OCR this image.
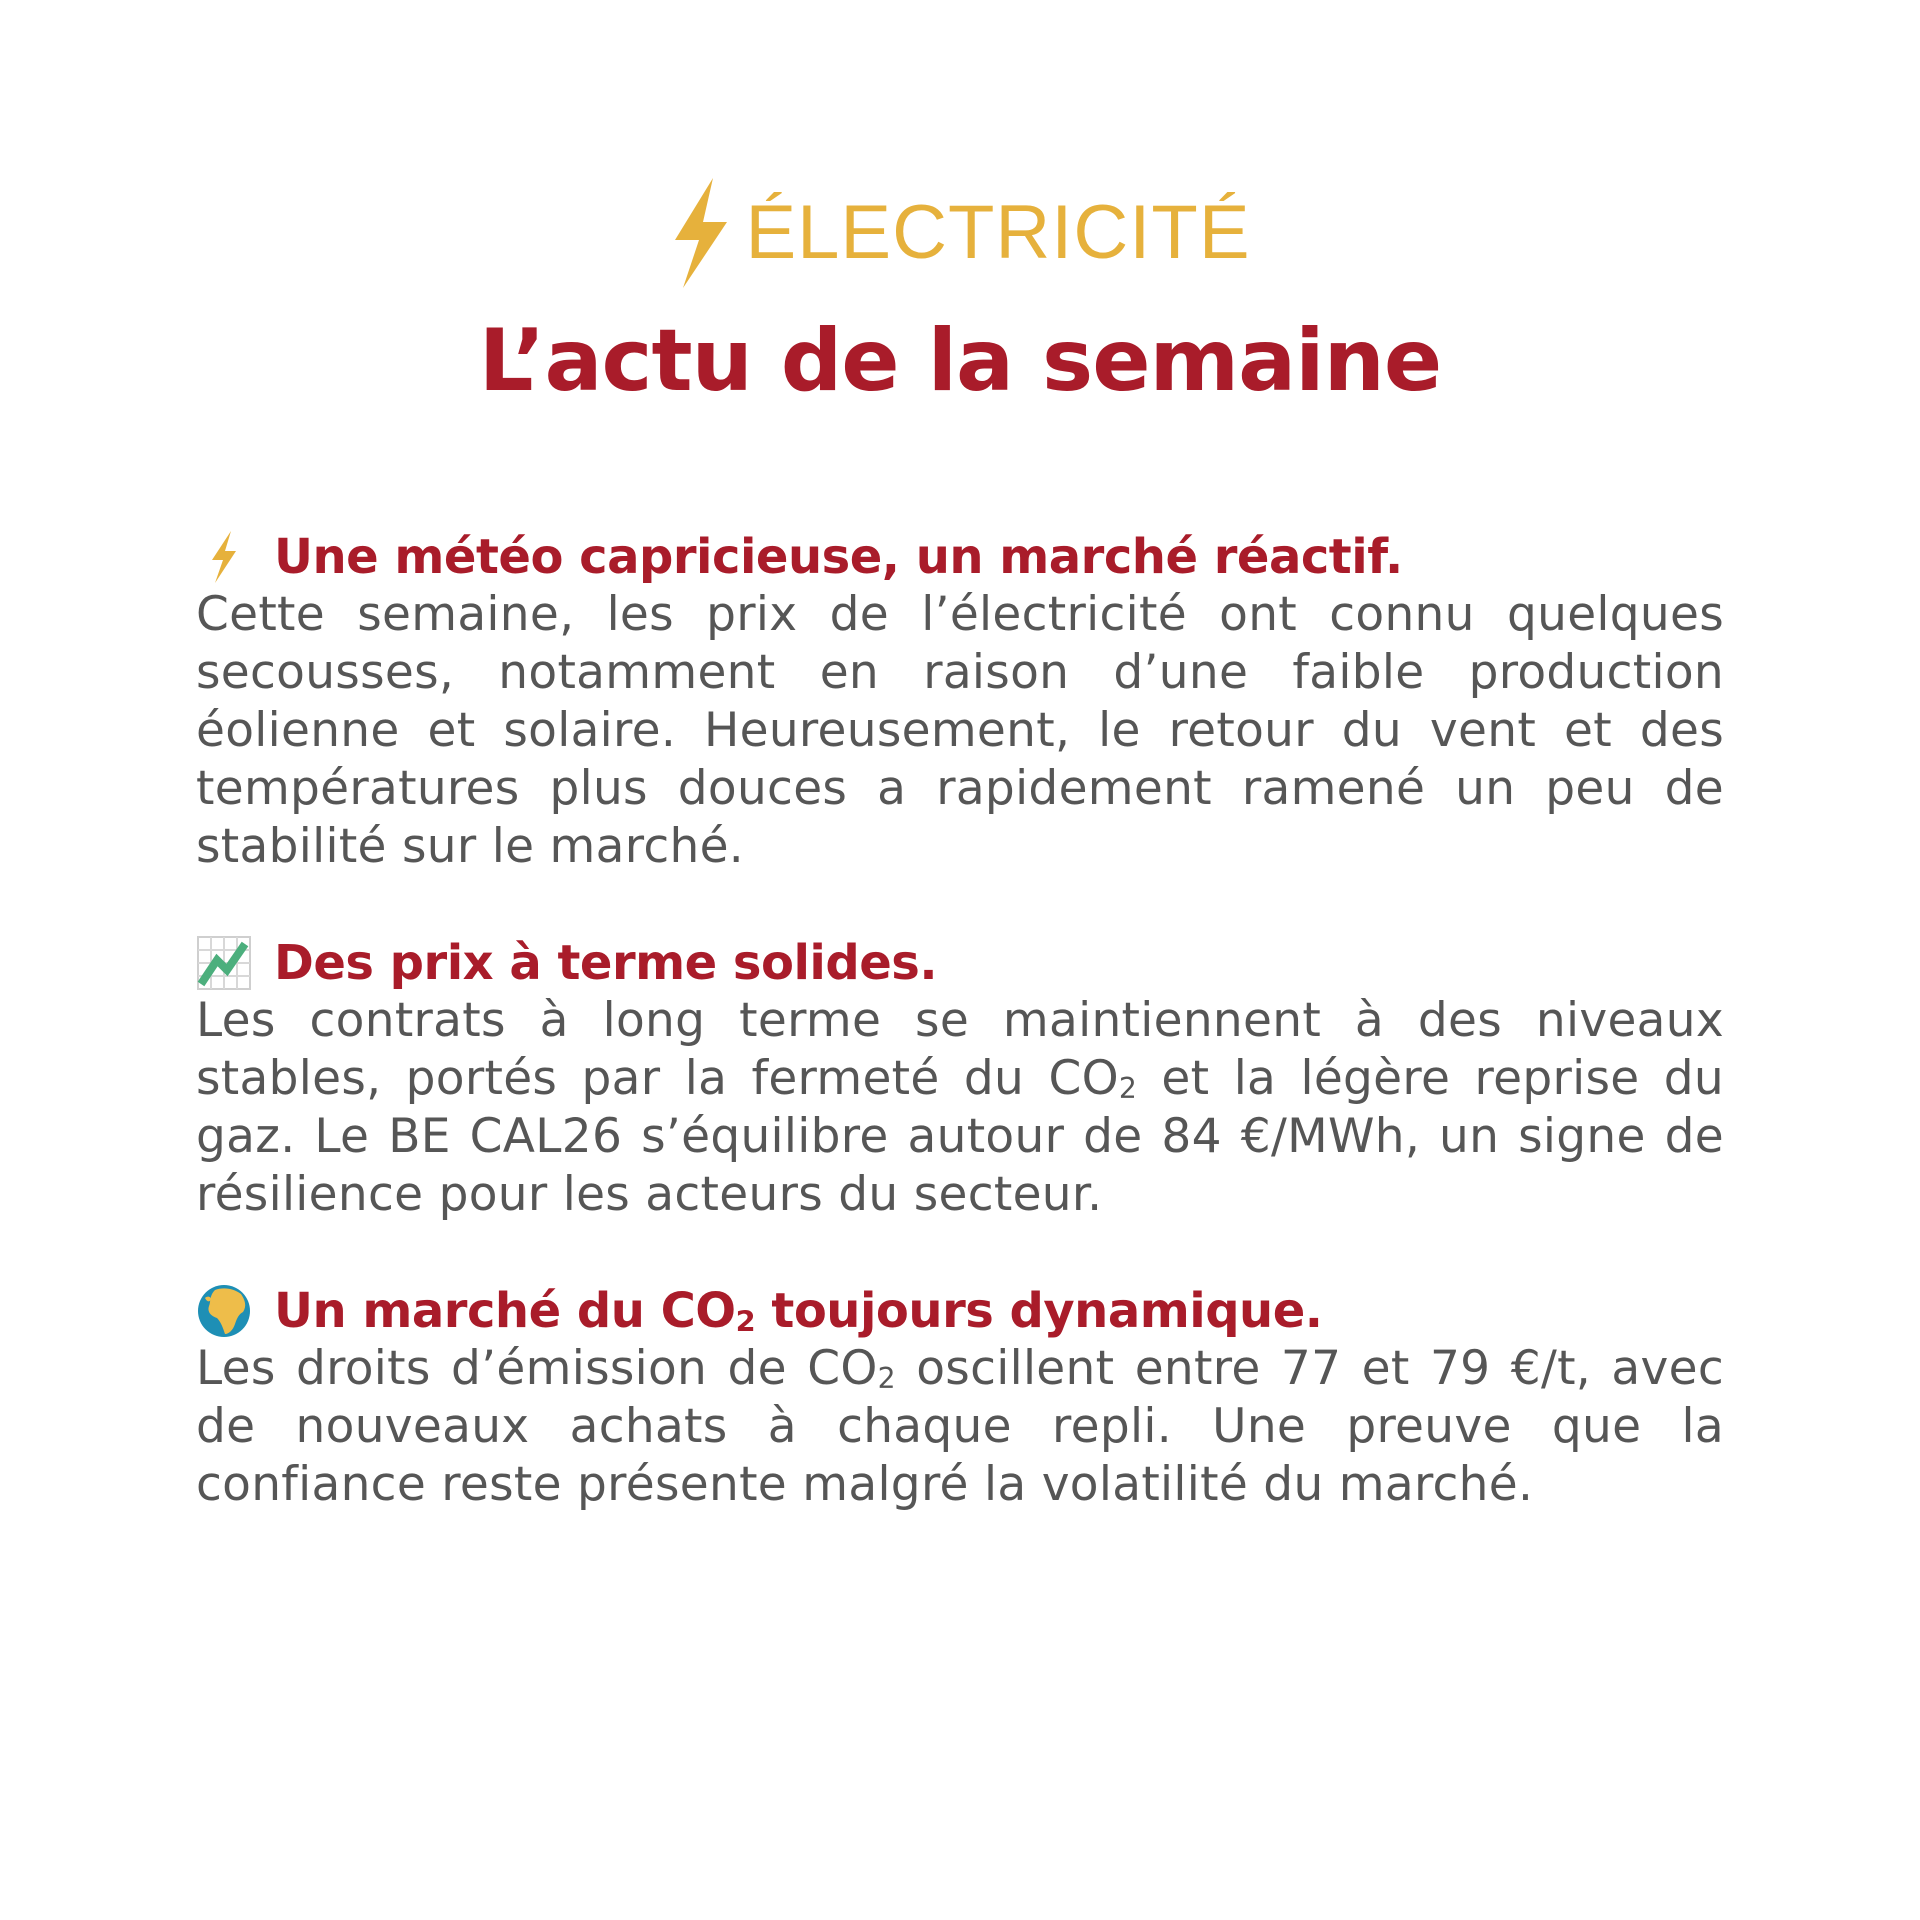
ÉLECTRICITÉ
L’actu de la semaine
Une météo capricieuse, un marché réactif.
Cette semaine, les prix de l’électricité ont connu quelques secousses, notamment en raison d’une faible production éolienne et solaire. Heureusement, le retour du vent et des températures plus douces a rapidement ramené un peu de stabilité sur le marché.
Des prix à terme solides.
Les contrats à long terme se maintiennent à des niveaux stables, portés par la fermeté du $CO_2$ et la légère reprise du gaz. Le BE CAL26 s’équilibre autour de 84 €/MWh, un signe de résilience pour les acteurs du secteur.
Un marché du $CO_2$ toujours dynamique.
Les droits d’émission de $CO_2$ oscillent entre 77 et 79 €/t, avec de nouveaux achats à chaque repli. Une preuve que la confiance reste présente malgré la volatilité du marché.
